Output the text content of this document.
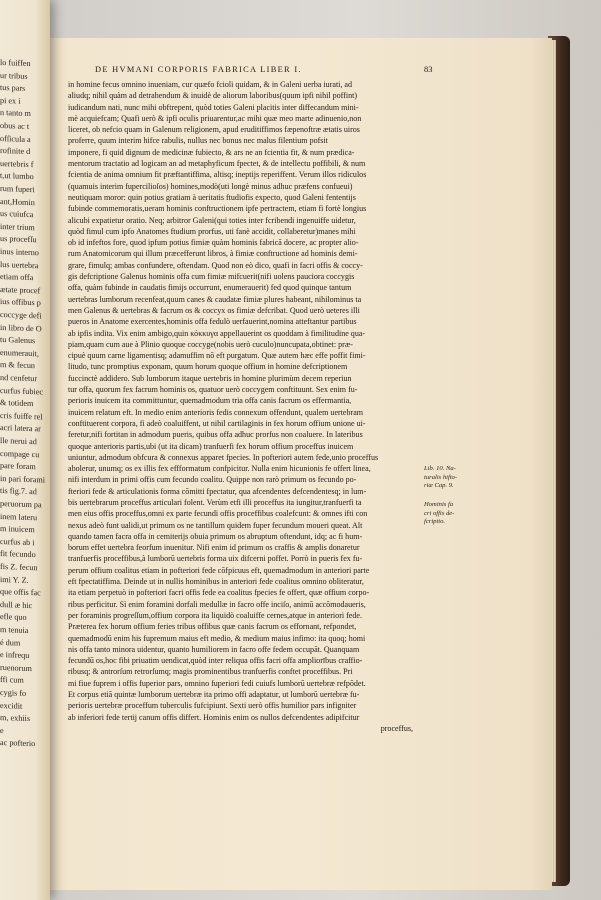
lo fuiffen
ur tribus
tus pars
pi ex i
n tanto m
obus ac t
ofſicula a
rofinite d
uertebris f
t,ut lumbo
rum fuperi
ant,Homin
us cuiufca
inter trium
us procefſu
inus interno
lus uertebra
etiam offa
ætate procef
ius offibus p
coccyge defi
in libro de O
tu Galenus
enumerauit,
m & fecun
nd cenfetur
curfus fubiec
& totidem
cris fuiffe rel
acri latera ar
lle nerui ad
compage cu
pare foram
in pari forami
tis fig.7. ad
peruorum pa
inem lateru
m inuicem
curfus ab i
fit fecundo
fis Z. fecun
imi Y. Z.
que offis fac
dull æ hic
efle quo
m tenuia
é dum
e infrequ
ruenorum
ffi cum
cygis fo
excidit
m, exhiis
e
ac pofterio
DE HVMANI CORPORIS FABRICA LIBER I.	83
in homine fecus omnino inueniam, cur quæfo fcioli quidam, & in Galeni uerba iurati, ad
aliudq; nihil quàm ad detrahendum & inuidè de aliorum laboribus(quum ipfi nihil poffint)
iudicandum nati, nunc mihi obftrepent, quòd toties Galeni placitis inter diffecandum mini-
mè acquiefcam; Quafi uerò & ipfi oculis priuarentur,ac mihi quæ meo marte adinuenio,non
liceret, ob nefcio quam in Galenum religionem, apud eruditiffimos fæpenoftræ ætatis uiros
proferre, quum interim hifce rabulis, nullus nec bonus nec malus filentium pofsit
imponere, fi quid dignum de medicinæ fubiecto, & ars ne an fcientia fit, & num prædica-
mentorum tractatio ad logicam an ad metaphyficum fpectet, & de intellectu poffibili, & num
fcientia de anima omnium fit præftantiffima, altisq; ineptijs reperiffent. Verum illos ridiculos
(quamuis interim fupercilioſos) homines,modò(uti longè minus adhuc præfens confueui)
neutiquam moror: quin potius gratiam à ueritatis ftudiofis expecto, quod Galeni fententijs
fubinde commemoratis,ueram hominis conftructionem ipfe pertractem, etiam fi fortè longius
alicubi expatietur oratio. Neq; arbitror Galeni(qui toties inter fcribendi ingenuiffe uidetur,
quòd fimul cum ipfo Anatomes ftudium prorfus, uti fanè accidit, collaberetur)manes mihi
ob id infeftos fore, quod ipfum potius fimiæ quàm hominis fabricā docere, ac propter alio-
rum Anatomicorum qui illum præcefferunt libros, à fimiæ conftructione ad hominis demi-
grare, fimulq; ambas confundere, oftendam. Quod non eò dico, quafi in facri offis & coccy-
gis defcriptione Galenus hominis offa cum fimiæ mifcuerit(nifi uolens pauciora coccygis
offa, quàm fubinde in caudatis fimijs occurrunt, enumerauerit) fed quod quinque tantum
uertebras lumborum recenfeat,quum canes & caudatæ fimiæ plures habeant, nihilominus ta
men Galenus & uertebras & facrum os & coccyx os fimiæ defcribat. Quod uerò ueteres illi
pueros in Anatome exercentes,hominis offa fedulò uerfauerint,nomina atteftantur partibus
ab ipfis indita. Vix enim ambigo,quin κόκκυγα appellauerint os quoddam à fimilitudine qua-
piam,quam cum aue à Plinio quoque coccyge(nobis uerò cuculo)nuncupata,obtinet: præ-
cipuè quum carne ligamentisq; adamuffim nō eft purgatum. Quæ autem hæc effe poffit fimi-
litudo, tunc promptius exponam, quum horum quoque offium in homine defcriptionem
fuccinctè addidero. Sub lumborum itaque uertebris in homine plurimùm decem reperiun
tur offa, quorum fex facrum hominis os, quatuor uerò coccygem conftituunt. Sex enim fu-
perioris inuicem ita committuntur, quemadmodum tria offa canis facrum os effermantia,
inuicem relatum eft. In medio enim anterioris fedis connexum offendunt, qualem uertebram
conftituerent corpora, fi adeò coaluiffent, ut nihil cartilaginis in fex horum offium unione ui-
feretur,nifi fortitan in admodum pueris, quibus offa adhuc prorfus non coaluere. In lateribus
quoque anterioris partis,ubi (ut ita dicam) tranfuerfi fex horum offium proceffus inuicem
uniuntur, admodum obfcura & connexus apparet fpecies. In pofteriori autem fede,unio proceffus
abolerur, unumq; os ex illis fex effformatum confpicitur. Nulla enim hicunionis fe offert linea,
nifi interdum in primi offis cum fecundo coalitu. Quippe non rarò primum os fecundo po-
fteriori fede & articulationis forma cōmitti fpectatur, qua afcendentes defcendentesq; in lum-
bis uertebrarum proceffus articulari folent. Verùm etfi illi proceffus ita iungitur,tranfuerfi ta
men eius offis proceffus,omni ex parte fecundi offis proceffibus coalefcunt: & omnes ifti con
nexus adeò funt ualidi,ut primum os ne tantillum quidem fuper fecundum moueri queat. Alt
quando tamen facra offa in cemiterijs obuia primum os abruptum oftendunt, idq; ac fi hum-
borum effet uertebra feorfum inuenitur. Nifi enim id primum os craffis & amplis donaretur
tranfuerfis proceffibus,à lumborū uertebris forma uix difcerni poffet. Porrò in pueris fex fu-
perum offium coalitus etiam in pofteriori fede cōfpicuus eft, quemadmodum in anteriori parte
eft fpectatiffima. Deinde ut in nullis hominibus in anteriori fede coalitus omnino obliteratur,
ita etiam perpetuò in pofteriori facri offis fede ea coalitus fpecies fe offert, quæ offium corpo-
ribus perficitur. Sì enim foramini dorfali medullæ in facro offe inciſo, animū accōmodaueris,
per foraminis progreſſum,offium corpora ita liquidò coaluiffe cernes,atque in anteriori fede.
Præterea fex horum offium feries tribus offibus quæ canis facrum os effornant, refpondet,
quemadmodū enim his fupremum maius eft medio, & medium maius infimo: ita quoq; homi
nis offa tanto minora uidentur, quanto humiliorem in facro offe fedem occupāt. Quanquam
fecundū os,hoc fibi priuatim uendicat,quòd inter reliqua offis facri offa ampliorībus craffio-
ribusq; & antrorſum retrorſumq; magis prominentibus tranfuerfis conftet proceffibus. Pri
mi fiue fuprem i offis fuperior pars, omnino fuperiori fedi cuiufs lumborū uertebræ refpōdet.
Et corpus etiā quintæ lumborum uertebræ ita primo offi adaptatur, ut lumborū uertebræ fu-
perioris uertebræ proceffum tuberculis fufcipiunt. Sexti uerò offis humilior pars infigniter
ab inferiori fede tertij canum offis differt. Hominis enim os nullos defcendentes adipifcitur
proceffus,
Lib. 10. Na-
turalis hifto-
riæ Cap. 9.
Hominis fa
cri offis de-
fcriptio.
